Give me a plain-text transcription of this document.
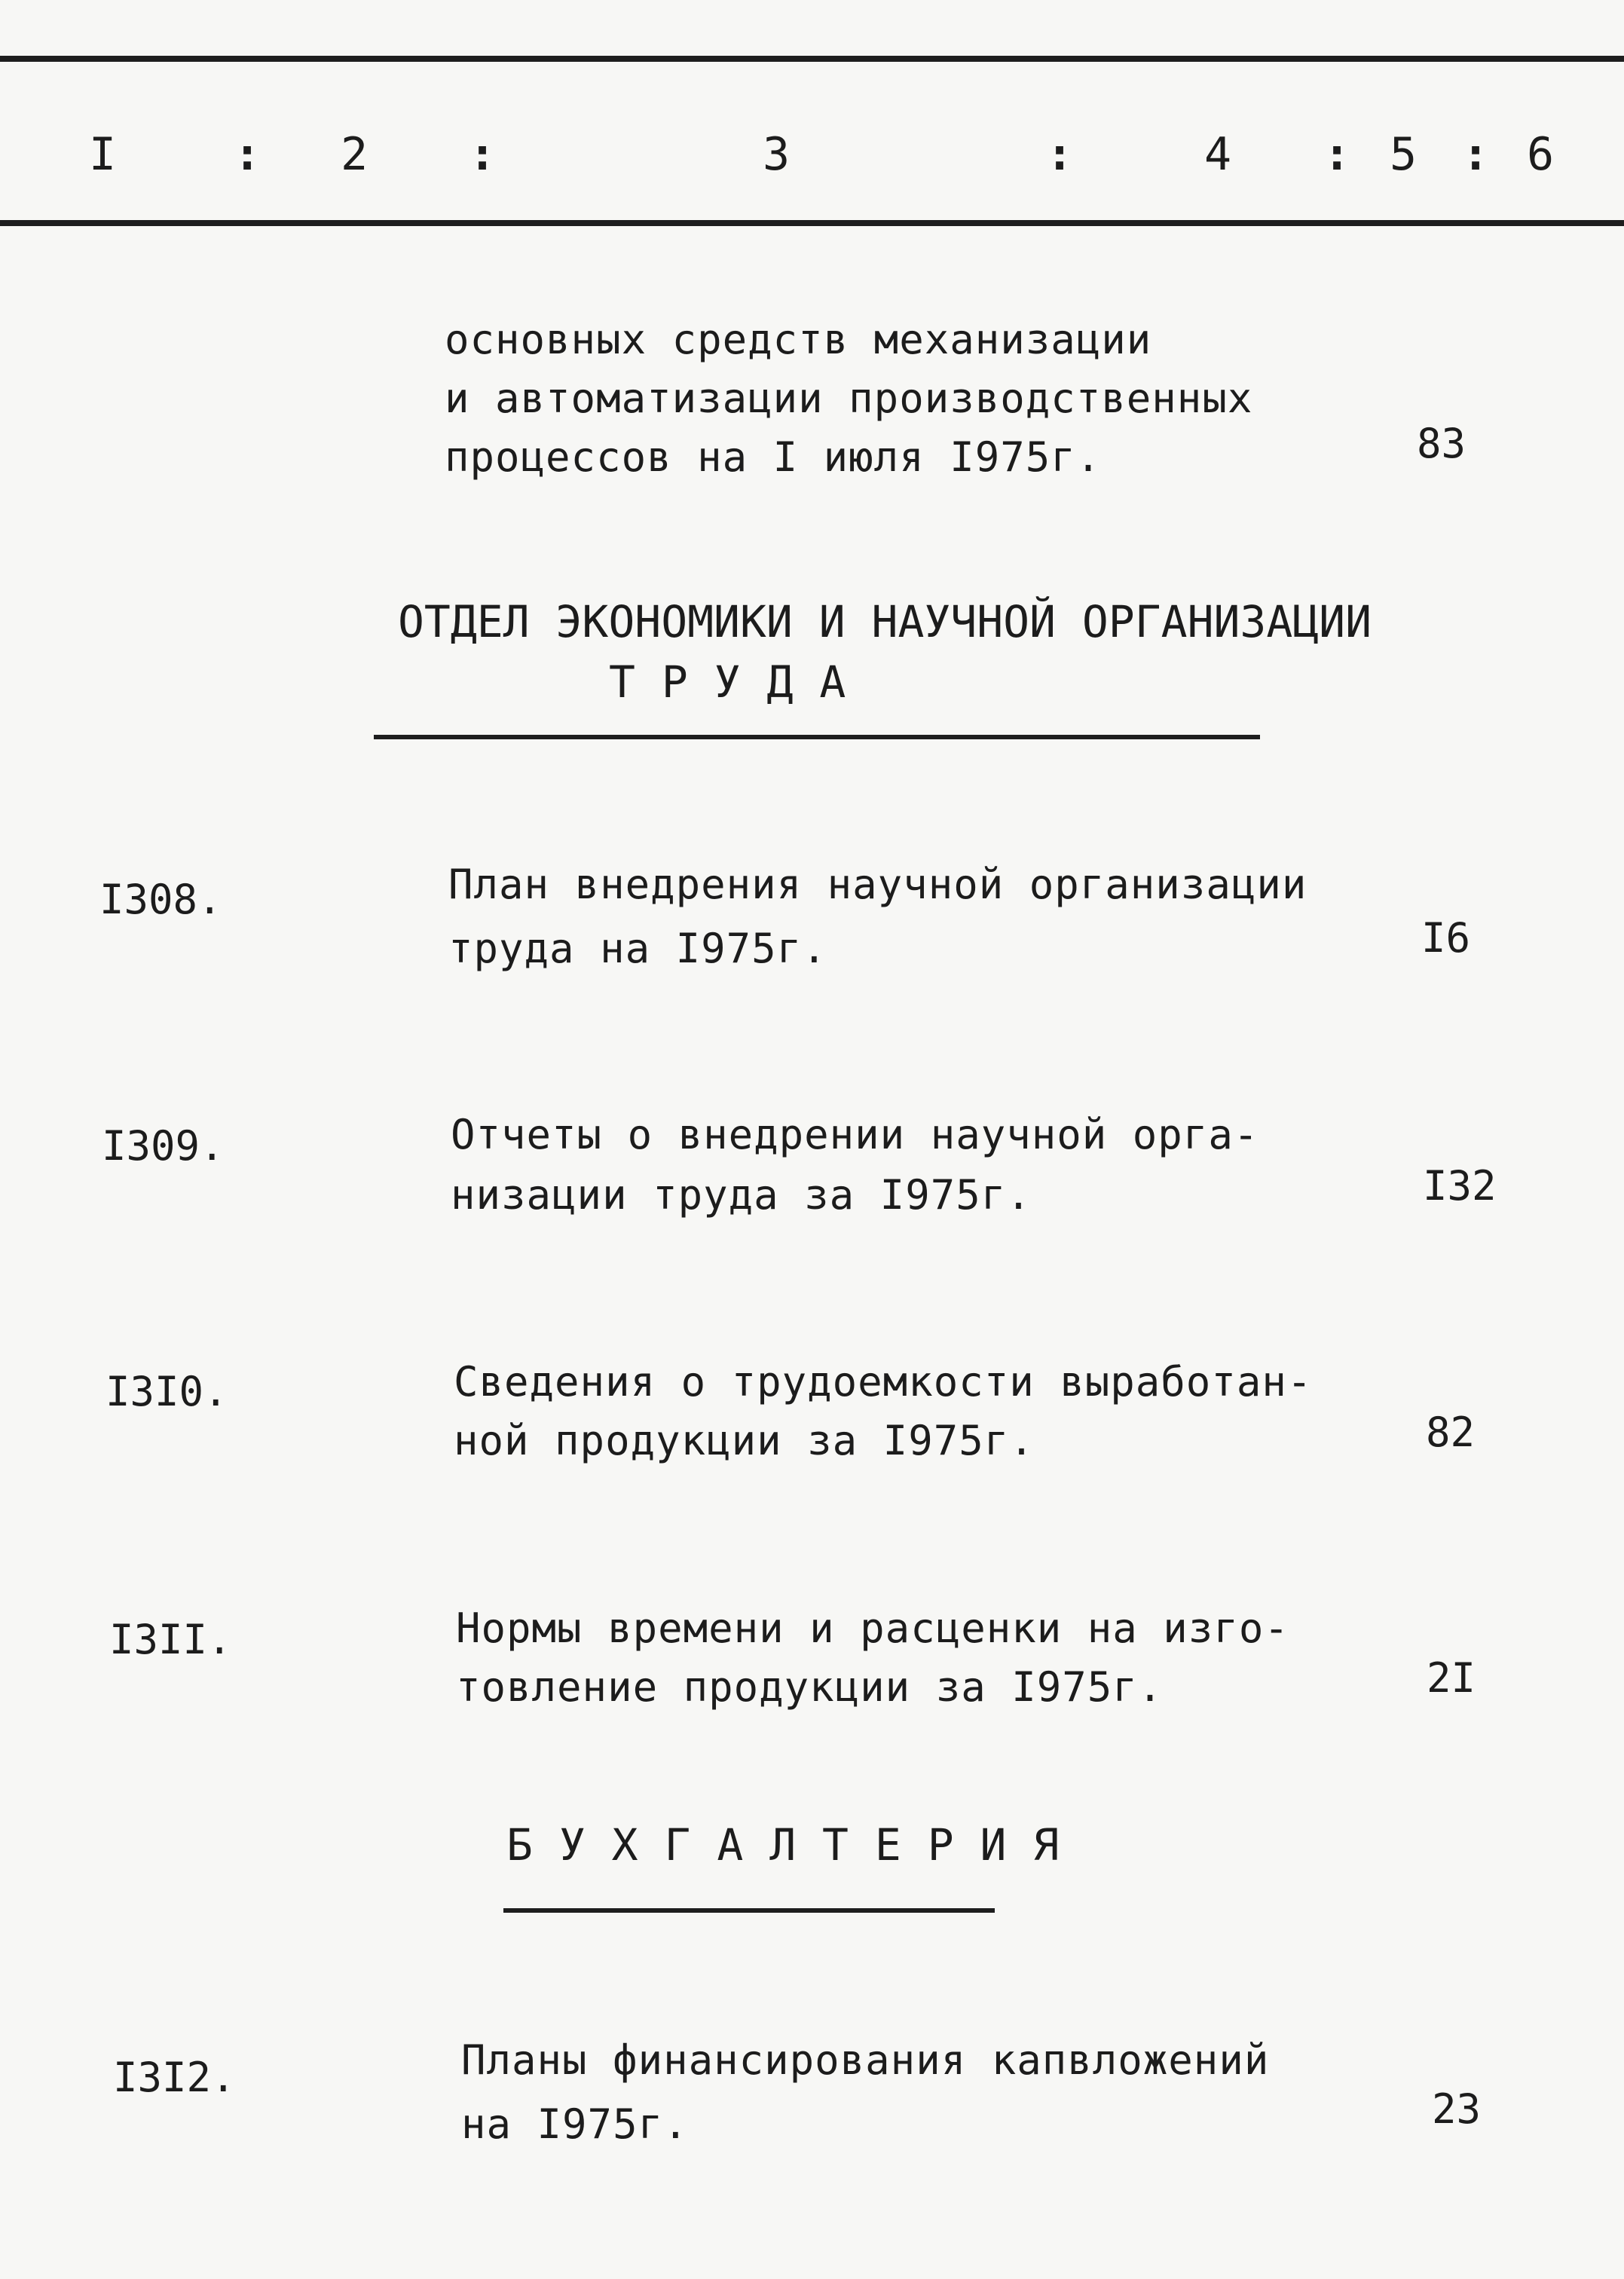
I	: 2 :	3	:	4 : 5 : 6
основных средств механизации
и автоматизации производственных
процессов на I июля I975г.	83
ОТДЕЛ ЭКОНОМИКИ И НАУЧНОЙ ОРГАНИЗАЦИИ
Т Р У Д А
I308.	План внедрения научной организации
труда на I975г.	I6
I309.	Отчеты о внедрении научной орга-
низации труда за I975г.	I32
I3I0.	Сведения о трудоемкости выработан-
ной продукции за I975г.	82
I3II.	Нормы времени и расценки на изго-
товление продукции за I975г.	2I
Б У Х Г А Л Т Е Р И Я
I3I2.	Планы финансирования капвложений
на I975г.	23
